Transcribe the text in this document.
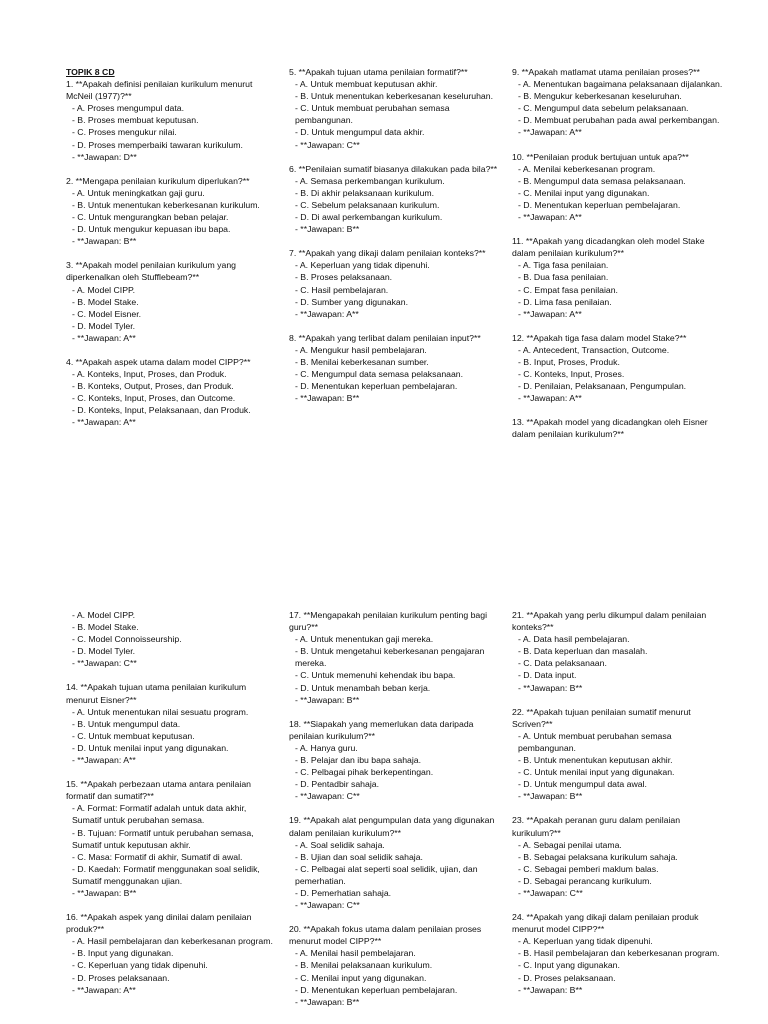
TOPIK 8 CD
1. **Apakah definisi penilaian kurikulum menurut McNeil (1977)?**
- A. Proses mengumpul data.
- B. Proses membuat keputusan.
- C. Proses mengukur nilai.
- D. Proses memperbaiki tawaran kurikulum.
- **Jawapan: D**
2. **Mengapa penilaian kurikulum diperlukan?**
- A. Untuk meningkatkan gaji guru.
- B. Untuk menentukan keberkesanan kurikulum.
- C. Untuk mengurangkan beban pelajar.
- D. Untuk mengukur kepuasan ibu bapa.
- **Jawapan: B**
3. **Apakah model penilaian kurikulum yang diperkenalkan oleh Stufflebeam?**
- A. Model CIPP.
- B. Model Stake.
- C. Model Eisner.
- D. Model Tyler.
- **Jawapan: A**
4. **Apakah aspek utama dalam model CIPP?**
- A. Konteks, Input, Proses, dan Produk.
- B. Konteks, Output, Proses, dan Produk.
- C. Konteks, Input, Proses, dan Outcome.
- D. Konteks, Input, Pelaksanaan, dan Produk.
- **Jawapan: A**
5. **Apakah tujuan utama penilaian formatif?**
- A. Untuk membuat keputusan akhir.
- B. Untuk menentukan keberkesanan keseluruhan.
- C. Untuk membuat perubahan semasa pembangunan.
- D. Untuk mengumpul data akhir.
- **Jawapan: C**
6. **Penilaian sumatif biasanya dilakukan pada bila?**
- A. Semasa perkembangan kurikulum.
- B. Di akhir pelaksanaan kurikulum.
- C. Sebelum pelaksanaan kurikulum.
- D. Di awal perkembangan kurikulum.
- **Jawapan: B**
7. **Apakah yang dikaji dalam penilaian konteks?**
- A. Keperluan yang tidak dipenuhi.
- B. Proses pelaksanaan.
- C. Hasil pembelajaran.
- D. Sumber yang digunakan.
- **Jawapan: A**
8. **Apakah yang terlibat dalam penilaian input?**
- A. Mengukur hasil pembelajaran.
- B. Menilai keberkesanan sumber.
- C. Mengumpul data semasa pelaksanaan.
- D. Menentukan keperluan pembelajaran.
- **Jawapan: B**
9. **Apakah matlamat utama penilaian proses?**
- A. Menentukan bagaimana pelaksanaan dijalankan.
- B. Mengukur keberkesanan keseluruhan.
- C. Mengumpul data sebelum pelaksanaan.
- D. Membuat perubahan pada awal perkembangan.
- **Jawapan: A**
10. **Penilaian produk bertujuan untuk apa?**
- A. Menilai keberkesanan program.
- B. Mengumpul data semasa pelaksanaan.
- C. Menilai input yang digunakan.
- D. Menentukan keperluan pembelajaran.
- **Jawapan: A**
11. **Apakah yang dicadangkan oleh model Stake dalam penilaian kurikulum?**
- A. Tiga fasa penilaian.
- B. Dua fasa penilaian.
- C. Empat fasa penilaian.
- D. Lima fasa penilaian.
- **Jawapan: A**
12. **Apakah tiga fasa dalam model Stake?**
- A. Antecedent, Transaction, Outcome.
- B. Input, Proses, Produk.
- C. Konteks, Input, Proses.
- D. Penilaian, Pelaksanaan, Pengumpulan.
- **Jawapan: A**
13. **Apakah model yang dicadangkan oleh Eisner dalam penilaian kurikulum?**
- A. Model CIPP.
- B. Model Stake.
- C. Model Connoisseurship.
- D. Model Tyler.
- **Jawapan: C**
14. **Apakah tujuan utama penilaian kurikulum menurut Eisner?**
- A. Untuk menentukan nilai sesuatu program.
- B. Untuk mengumpul data.
- C. Untuk membuat keputusan.
- D. Untuk menilai input yang digunakan.
- **Jawapan: A**
15. **Apakah perbezaan utama antara penilaian formatif dan sumatif?**
- A. Format: Formatif adalah untuk data akhir, Sumatif untuk perubahan semasa.
- B. Tujuan: Formatif untuk perubahan semasa, Sumatif untuk keputusan akhir.
- C. Masa: Formatif di akhir, Sumatif di awal.
- D. Kaedah: Formatif menggunakan soal selidik, Sumatif menggunakan ujian.
- **Jawapan: B**
16. **Apakah aspek yang dinilai dalam penilaian produk?**
- A. Hasil pembelajaran dan keberkesanan program.
- B. Input yang digunakan.
- C. Keperluan yang tidak dipenuhi.
- D. Proses pelaksanaan.
- **Jawapan: A**
17. **Mengapakah penilaian kurikulum penting bagi guru?**
- A. Untuk menentukan gaji mereka.
- B. Untuk mengetahui keberkesanan pengajaran mereka.
- C. Untuk memenuhi kehendak ibu bapa.
- D. Untuk menambah beban kerja.
- **Jawapan: B**
18. **Siapakah yang memerlukan data daripada penilaian kurikulum?**
- A. Hanya guru.
- B. Pelajar dan ibu bapa sahaja.
- C. Pelbagai pihak berkepentingan.
- D. Pentadbir sahaja.
- **Jawapan: C**
19. **Apakah alat pengumpulan data yang digunakan dalam penilaian kurikulum?**
- A. Soal selidik sahaja.
- B. Ujian dan soal selidik sahaja.
- C. Pelbagai alat seperti soal selidik, ujian, dan pemerhatian.
- D. Pemerhatian sahaja.
- **Jawapan: C**
20. **Apakah fokus utama dalam penilaian proses menurut model CIPP?**
- A. Menilai hasil pembelajaran.
- B. Menilai pelaksanaan kurikulum.
- C. Menilai input yang digunakan.
- D. Menentukan keperluan pembelajaran.
- **Jawapan: B**
21. **Apakah yang perlu dikumpul dalam penilaian konteks?**
- A. Data hasil pembelajaran.
- B. Data keperluan dan masalah.
- C. Data pelaksanaan.
- D. Data input.
- **Jawapan: B**
22. **Apakah tujuan penilaian sumatif menurut Scriven?**
- A. Untuk membuat perubahan semasa pembangunan.
- B. Untuk menentukan keputusan akhir.
- C. Untuk menilai input yang digunakan.
- D. Untuk mengumpul data awal.
- **Jawapan: B**
23. **Apakah peranan guru dalam penilaian kurikulum?**
- A. Sebagai penilai utama.
- B. Sebagai pelaksana kurikulum sahaja.
- C. Sebagai pemberi maklum balas.
- D. Sebagai perancang kurikulum.
- **Jawapan: C**
24. **Apakah yang dikaji dalam penilaian produk menurut model CIPP?**
- A. Keperluan yang tidak dipenuhi.
- B. Hasil pembelajaran dan keberkesanan program.
- C. Input yang digunakan.
- D. Proses pelaksanaan.
- **Jawapan: B**
